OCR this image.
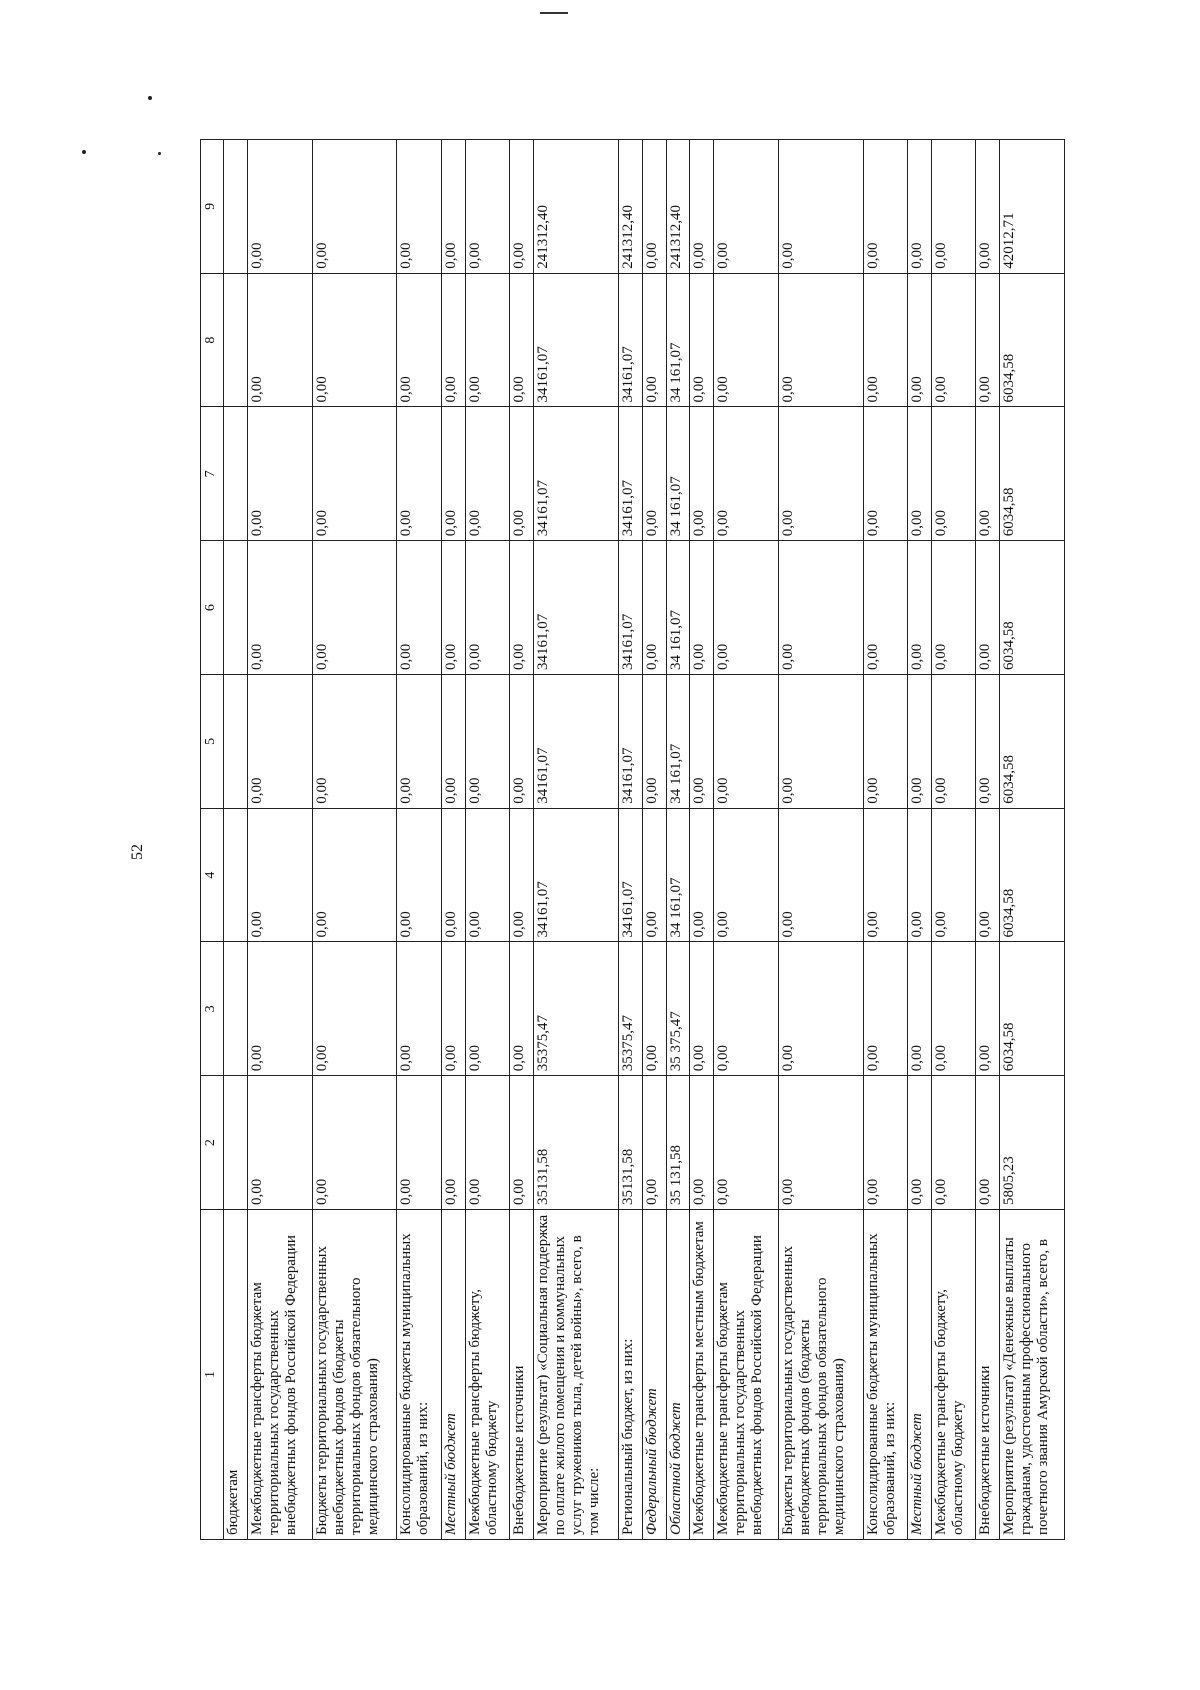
52
1	2	3	4	5	6	7	8	9
бюджетам								
Межбюджетные трансферты бюджетам территориальных государственных внебюджетных фондов Российской Федерации	0,00	0,00	0,00	0,00	0,00	0,00	0,00	0,00
Бюджеты территориальных государственных внебюджетных фондов (бюджеты территориальных фондов обязательного медицинского страхования)	0,00	0,00	0,00	0,00	0,00	0,00	0,00	0,00
Консолидированные бюджеты муниципальных образований, из них:	0,00	0,00	0,00	0,00	0,00	0,00	0,00	0,00
Местный бюджет	0,00	0,00	0,00	0,00	0,00	0,00	0,00	0,00
Межбюджетные трансферты бюджету, областному бюджету	0,00	0,00	0,00	0,00	0,00	0,00	0,00	0,00
Внебюджетные источники	0,00	0,00	0,00	0,00	0,00	0,00	0,00	0,00
Мероприятие (результат) «Социальная поддержка по оплате жилого помещения и коммунальных услуг тружеников тыла, детей войны», всего, в том числе:	35131,58	35375,47	34161,07	34161,07	34161,07	34161,07	34161,07	241312,40
Региональный бюджет, из них:	35131,58	35375,47	34161,07	34161,07	34161,07	34161,07	34161,07	241312,40
Федеральный бюджет	0,00	0,00	0,00	0,00	0,00	0,00	0,00	0,00
Областной бюджет	35 131,58	35 375,47	34 161,07	34 161,07	34 161,07	34 161,07	34 161,07	241312,40
Межбюджетные трансферты местным бюджетам	0,00	0,00	0,00	0,00	0,00	0,00	0,00	0,00
Межбюджетные трансферты бюджетам территориальных государственных внебюджетных фондов Российской Федерации	0,00	0,00	0,00	0,00	0,00	0,00	0,00	0,00
Бюджеты территориальных государственных внебюджетных фондов (бюджеты территориальных фондов обязательного медицинского страхования)	0,00	0,00	0,00	0,00	0,00	0,00	0,00	0,00
Консолидированные бюджеты муниципальных образований, из них:	0,00	0,00	0,00	0,00	0,00	0,00	0,00	0,00
Местный бюджет	0,00	0,00	0,00	0,00	0,00	0,00	0,00	0,00
Межбюджетные трансферты бюджету, областному бюджету	0,00	0,00	0,00	0,00	0,00	0,00	0,00	0,00
Внебюджетные источники	0,00	0,00	0,00	0,00	0,00	0,00	0,00	0,00
Мероприятие (результат) «Денежные выплаты гражданам, удостоенным профессионального почетного звания Амурской области», всего, в	5805,23	6034,58	6034,58	6034,58	6034,58	6034,58	6034,58	42012,71
